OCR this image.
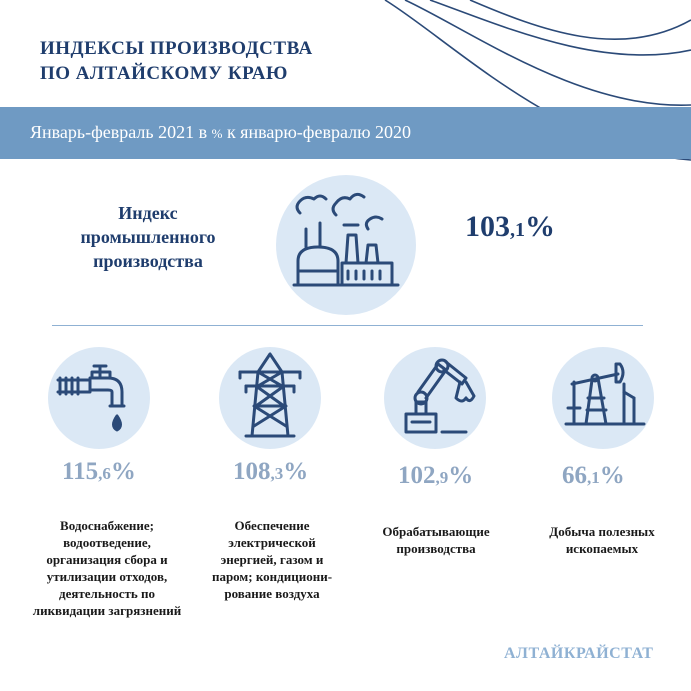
ИНДЕКСЫ ПРОИЗВОДСТВА
ПО АЛТАЙСКОМУ КРАЮ
Январь-февраль 2021 в % к январю-февралю 2020
Индекс промышленного производства
103,1%
115,6%
Водоснабжение; водоотведение, организация сбора и утилизации отходов, деятельность по ликвидации загрязнений
108,3%
Обеспечение электрической энергией, газом и паром; кондициони-рование воздуха
102,9%
Обрабатывающие производства
66,1%
Добыча полезных ископаемых
АЛТАЙКРАЙСТАТ
